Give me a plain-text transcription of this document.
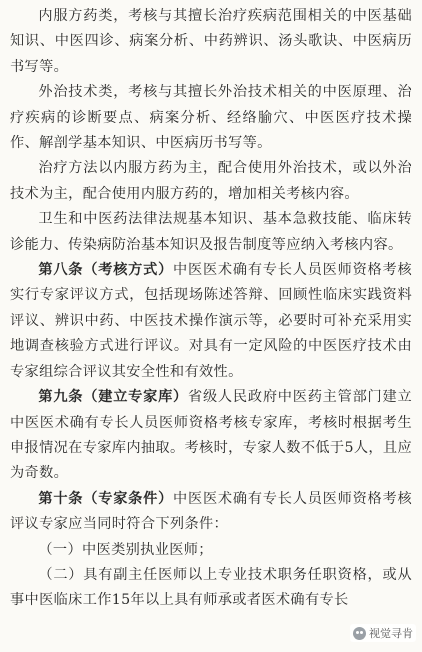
内服方药类，考核与其擅长治疗疾病范围相关的中医基础知识、中医四诊、病案分析、中药辨识、汤头歌诀、中医病历书写等。

外治技术类，考核与其擅长外治技术相关的中医原理、治疗疾病的诊断要点、病案分析、经络腧穴、中医医疗技术操作、解剖学基本知识、中医病历书写等。

治疗方法以内服方药为主，配合使用外治技术，或以外治技术为主，配合使用内服方药的，增加相关考核内容。

卫生和中医药法律法规基本知识、基本急救技能、临床转诊能力、传染病防治基本知识及报告制度等应纳入考核内容。

第八条（考核方式）中医医术确有专长人员医师资格考核实行专家评议方式，包括现场陈述答辩、回顾性临床实践资料评议、辨识中药、中医技术操作演示等，必要时可补充采用实地调查核验方式进行评议。对具有一定风险的中医医疗技术由专家组综合评议其安全性和有效性。

第九条（建立专家库）省级人民政府中医药主管部门建立中医医术确有专长人员医师资格考核专家库，考核时根据考生申报情况在专家库内抽取。考核时，专家人数不低于5人，且应为奇数。

第十条（专家条件）中医医术确有专长人员医师资格考核评议专家应当同时符合下列条件：

（一）中医类别执业医师；

（二）具有副主任医师以上专业技术职务任职资格，或从事中医临床工作15年以上具有师承或者医术确有专长

视觉寻肯
